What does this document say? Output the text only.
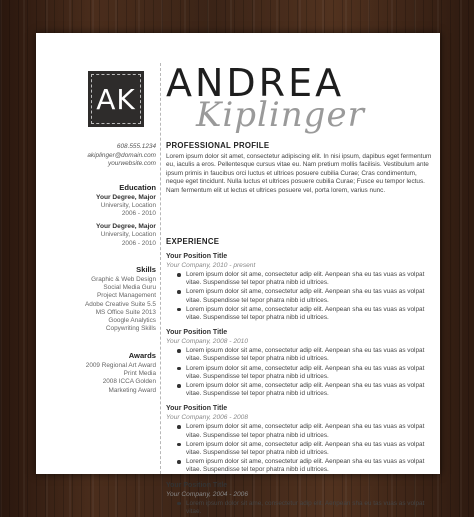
AK
608.555.1234
akiplinger@domain.com
yourwebsite.com
Education
Your Degree, Major
University, Location
2006 - 2010
Your Degree, Major
University, Location
2006 - 2010
Skills
Graphic & Web Design
Social Media Guru
Project Management
Adobe Creative Suite 5.5
MS Office Suite 2013
Google Analytics
Copywriting Skills
Awards
2009 Regional Art Award
Print Media
2008 ICCA Golden
Marketing Award
ANDREA
Kiplinger
PROFESSIONAL PROFILE
Lorem ipsum dolor sit amet, consectetur adipiscing elit. In nisi ipsum, dapibus eget fermentum eu, iaculis a eros. Pellentesque cursus vitae eu. Nam pretium mollis facilisis. Vestibulum ante ipsum primis in faucibus orci luctus et ultrices posuere cubilia Curae; Cras condimentum, neque eget tincidunt. Nulla luctus et ultrices posuere cubilia Curae; Fusce eu tempor lectus. Nam fermentum elit ut lectus et ultrices posuere vel, porta lorem, varius nunc.
EXPERIENCE
Your Position Title
Your Company, 2010 - present
Lorem ipsum dolor sit ame, consectetur adip elit. Aenpean sha eu tas vuas as volpat vitae. Suspendisse tel tepor phatra nibb id ultrices.
Lorem ipsum dolor sit ame, consectetur adip elit. Aenpean sha eu tas vuas as volpat vitae. Suspendisse tel tepor phatra nibb id ultrices.
Lorem ipsum dolor sit ame, consectetur adip elit. Aenpean sha eu tas vuas as volpat vitae. Suspendisse tel tepor phatra nibb id ultrices.
Your Position Title
Your Company, 2008 - 2010
Lorem ipsum dolor sit ame, consectetur adip elit. Aenpean sha eu tas vuas as volpat vitae. Suspendisse tel tepor phatra nibb id ultrices.
Lorem ipsum dolor sit ame, consectetur adip elit. Aenpean sha eu tas vuas as volpat vitae. Suspendisse tel tepor phatra nibb id ultrices.
Lorem ipsum dolor sit ame, consectetur adip elit. Aenpean sha eu tas vuas as volpat vitae. Suspendisse tel tepor phatra nibb id ultrices.
Your Position Title
Your Company, 2006 - 2008
Lorem ipsum dolor sit ame, consectetur adip elit. Aenpean sha eu tas vuas as volpat vitae. Suspendisse tel tepor phatra nibb id ultrices.
Lorem ipsum dolor sit ame, consectetur adip elit. Aenpean sha eu tas vuas as volpat vitae. Suspendisse tel tepor phatra nibb id ultrices.
Lorem ipsum dolor sit ame, consectetur adip elit. Aenpean sha eu tas vuas as volpat vitae. Suspendisse tel tepor phatra nibb id ultrices.
Your Position Title
Your Company, 2004 - 2006
Lorem ipsum dolor sit ame, consectetur adip elit. Aenpean sha eu tas vuas as volpat vitae.
